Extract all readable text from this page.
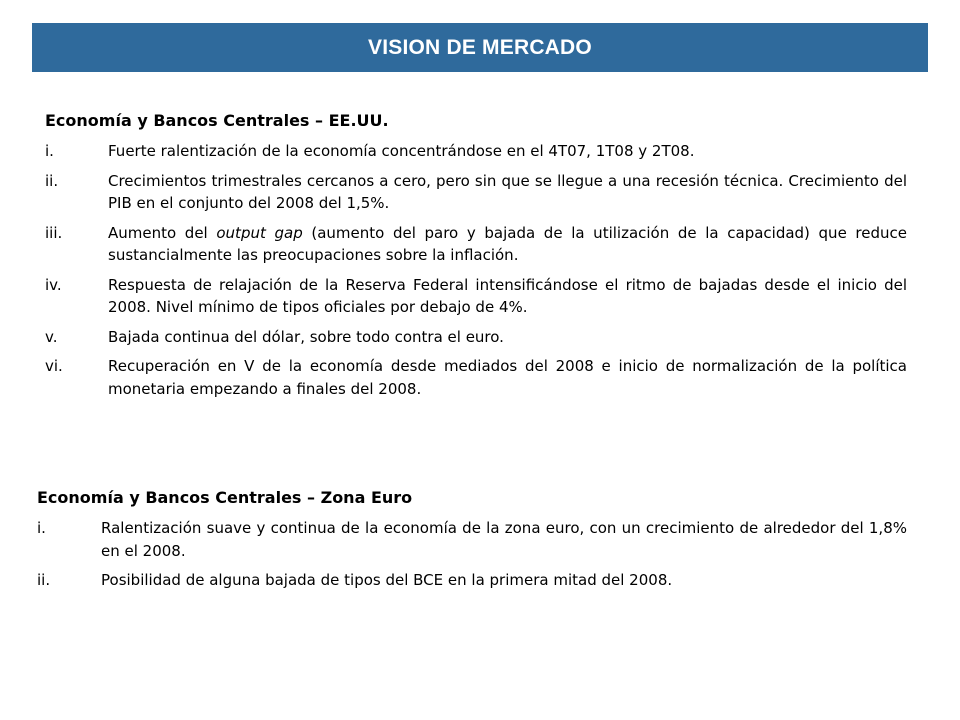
VISION DE MERCADO
Economía y Bancos Centrales – EE.UU.
i.	Fuerte ralentización de la economía concentrándose en el 4T07, 1T08 y 2T08.
ii.	Crecimientos trimestrales cercanos a cero, pero sin que se llegue a una recesión técnica. Crecimiento del PIB en el conjunto del 2008 del 1,5%.
iii.	Aumento del output gap (aumento del paro y bajada de la utilización de la capacidad) que reduce sustancialmente las preocupaciones sobre la inflación.
iv.	Respuesta de relajación de la Reserva Federal intensificándose el ritmo de bajadas desde el inicio del 2008. Nivel mínimo de tipos oficiales por debajo de 4%.
v.	Bajada continua del dólar, sobre todo contra el euro.
vi.	Recuperación en V de la economía desde mediados del 2008 e inicio de normalización de la política monetaria empezando a finales del 2008.
Economía y Bancos Centrales – Zona Euro
i.	Ralentización suave y continua de la economía de la zona euro, con un crecimiento de alrededor del 1,8% en el 2008.
ii.	Posibilidad de alguna bajada de tipos del BCE en la primera mitad del 2008.
